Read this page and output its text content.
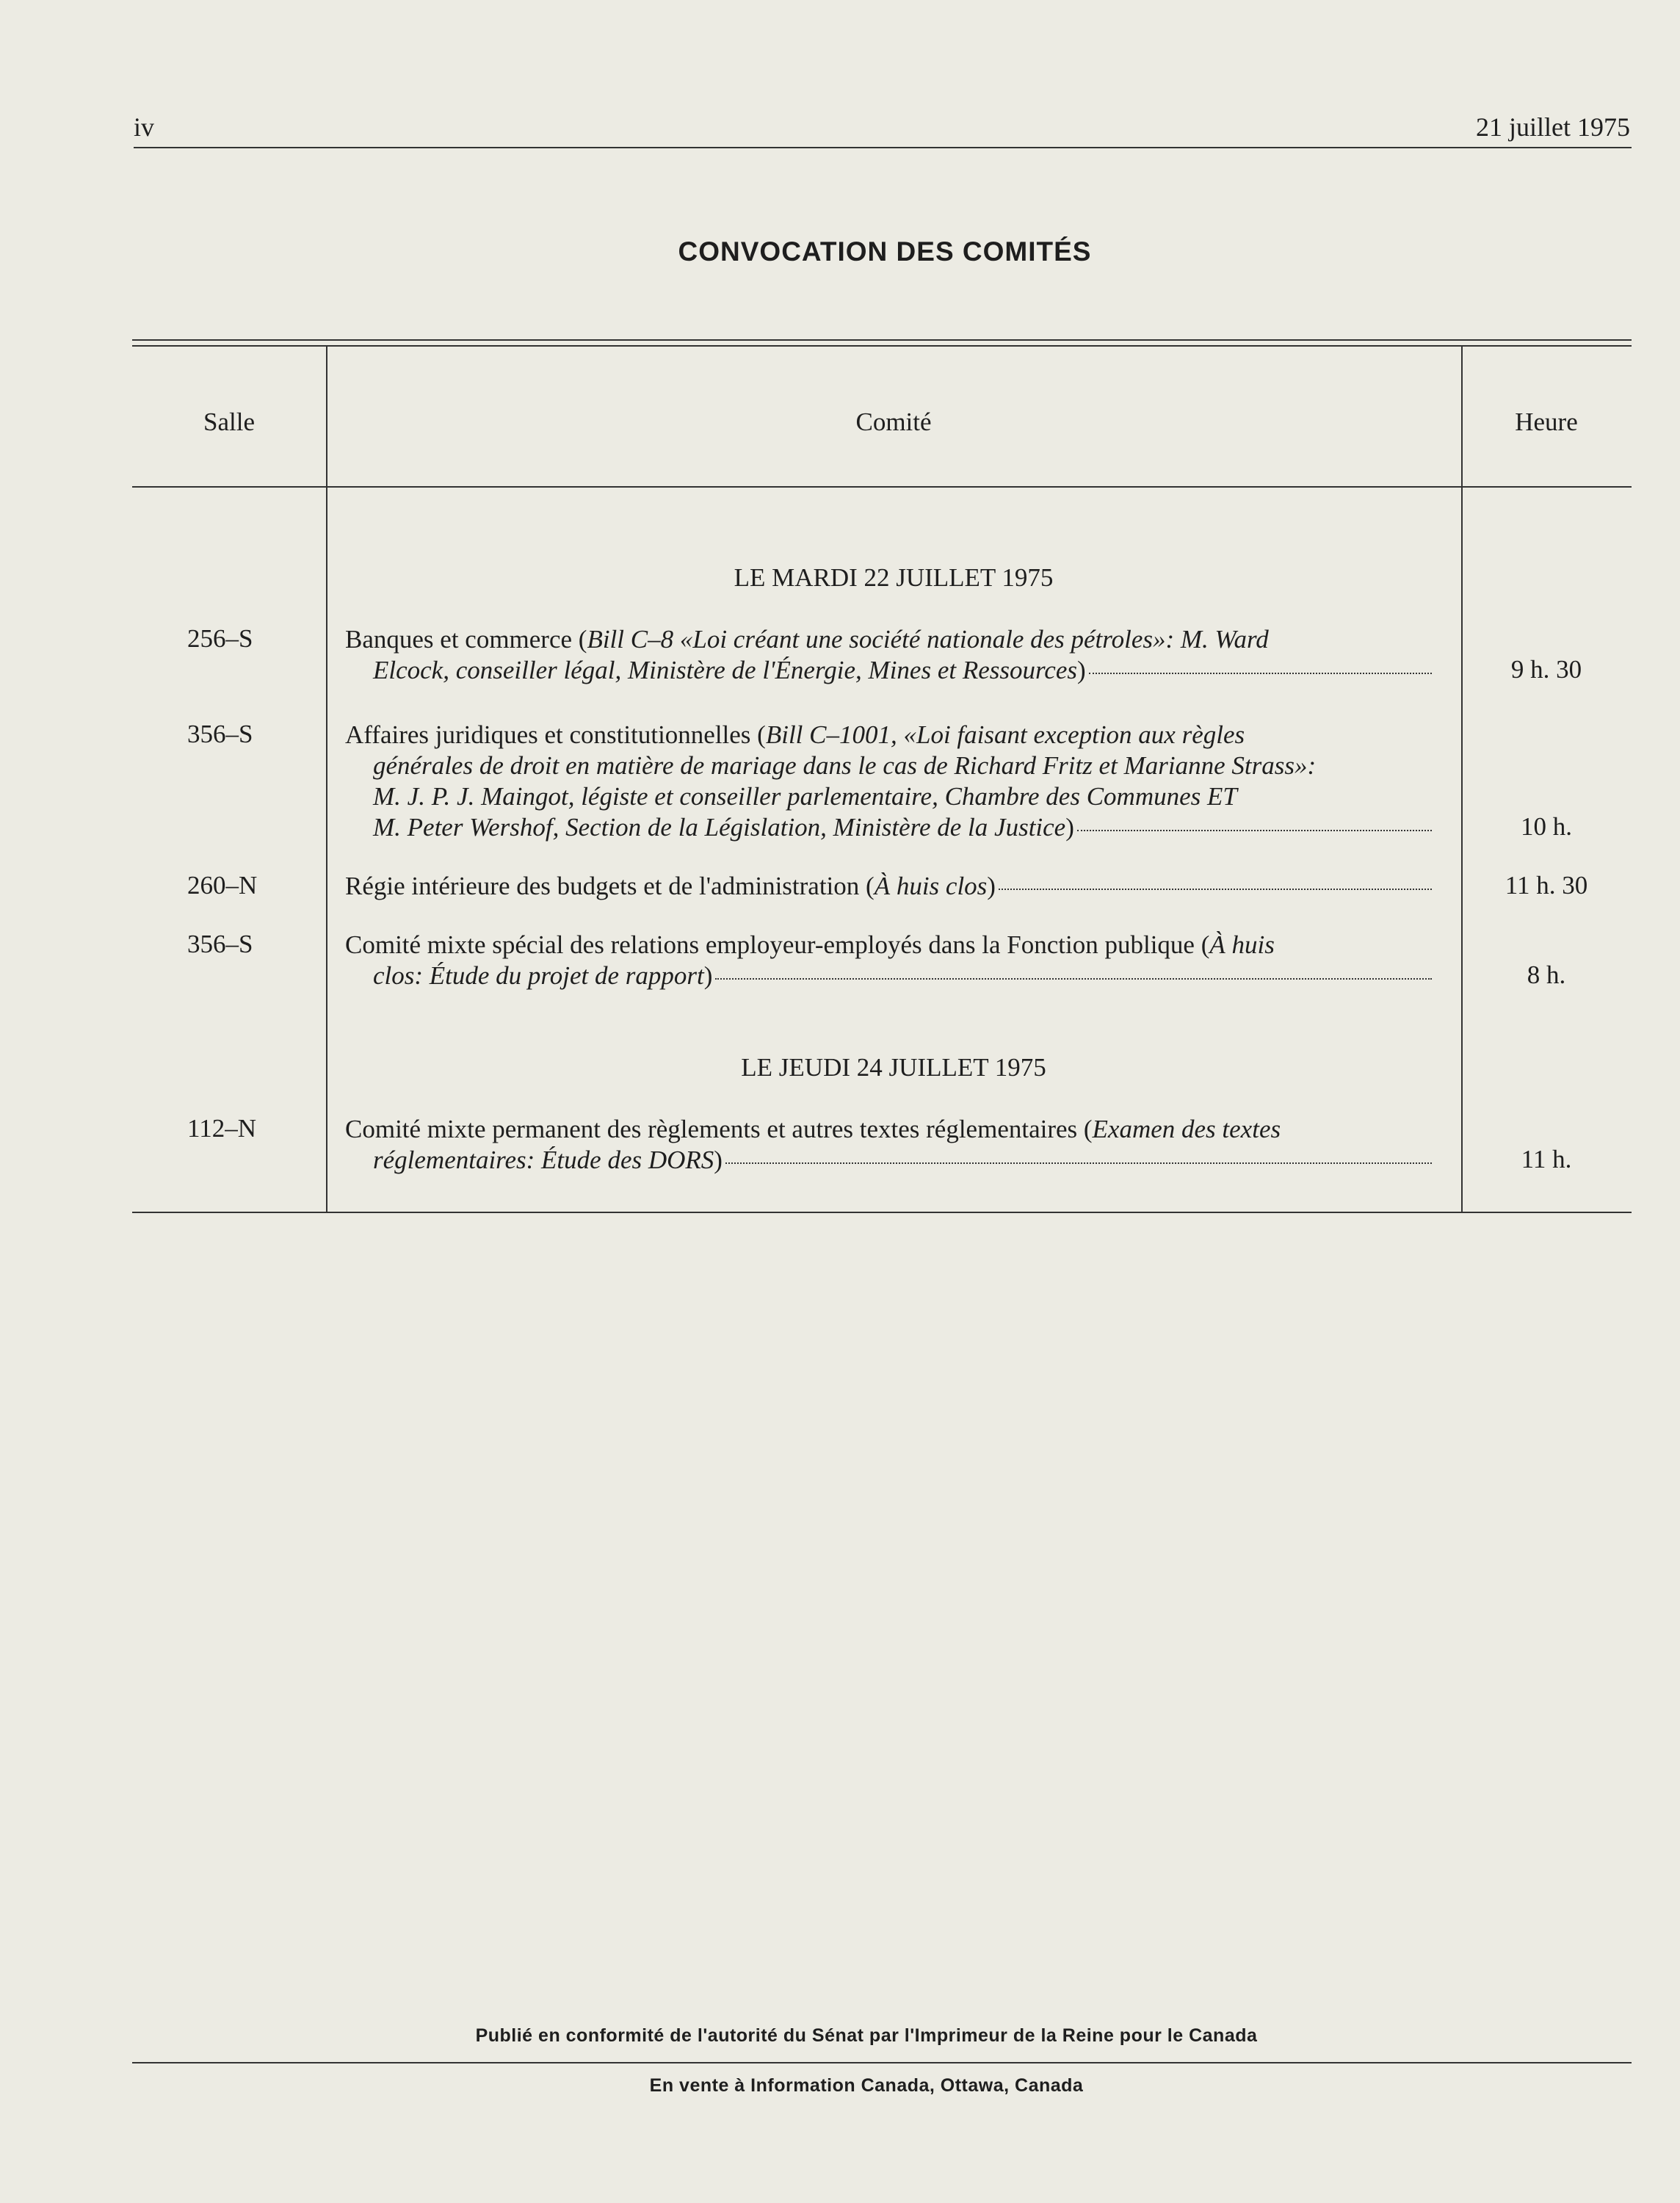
iv	21 juillet 1975
CONVOCATION DES COMITÉS
Salle	Comité	Heure
LE MARDI 22 JUILLET 1975
256–S	Banques et commerce (Bill C–8 «Loi créant une société nationale des pétroles»: M. Ward

Elcock, conseiller légal, Ministère de l'Énergie, Mines et Ressources)	9 h. 30
356–S	Affaires juridiques et constitutionnelles (Bill C–1001, «Loi faisant exception aux règles

générales de droit en matière de mariage dans le cas de Richard Fritz et Marianne Strass»:

M. J. P. J. Maingot, légiste et conseiller parlementaire, Chambre des Communes ET

M. Peter Wershof, Section de la Législation, Ministère de la Justice)	10 h.
260–N	Régie intérieure des budgets et de l'administration (À huis clos)	11 h. 30
356–S	Comité mixte spécial des relations employeur-employés dans la Fonction publique (À huis

clos: Étude du projet de rapport)	8 h.
LE JEUDI 24 JUILLET 1975
112–N	Comité mixte permanent des règlements et autres textes réglementaires (Examen des textes

réglementaires: Étude des DORS)	11 h.
Publié en conformité de l'autorité du Sénat par l'Imprimeur de la Reine pour le Canada
En vente à Information Canada, Ottawa, Canada
